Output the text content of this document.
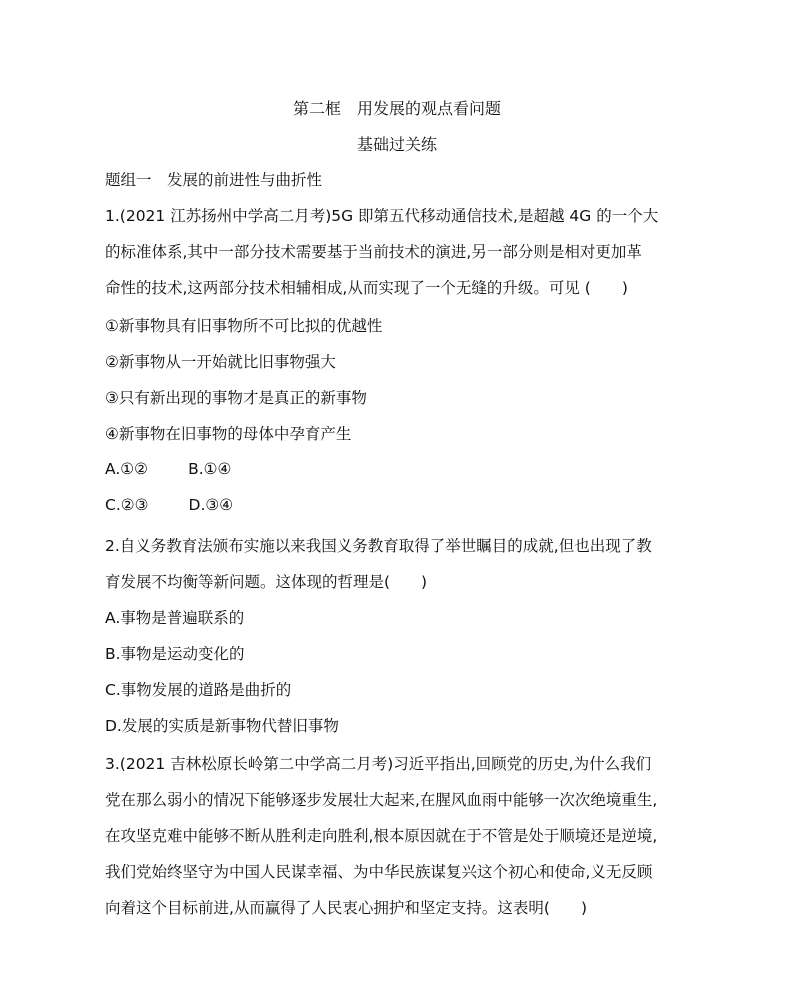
第二框　用发展的观点看问题
基础过关练
题组一　发展的前进性与曲折性
1.(2021 江苏扬州中学高二月考)5G 即第五代移动通信技术,是超越 4G 的一个大
的标准体系,其中一部分技术需要基于当前技术的演进,另一部分则是相对更加革
命性的技术,这两部分技术相辅相成,从而实现了一个无缝的升级。可见 (　　)
①新事物具有旧事物所不可比拟的优越性
②新事物从一开始就比旧事物强大
③只有新出现的事物才是真正的新事物
④新事物在旧事物的母体中孕育产生
A.①②	B.①④
C.②③	D.③④
2.自义务教育法颁布实施以来我国义务教育取得了举世瞩目的成就,但也出现了教
育发展不均衡等新问题。这体现的哲理是(　　)
A.事物是普遍联系的
B.事物是运动变化的
C.事物发展的道路是曲折的
D.发展的实质是新事物代替旧事物
3.(2021 吉林松原长岭第二中学高二月考)习近平指出,回顾党的历史,为什么我们
党在那么弱小的情况下能够逐步发展壮大起来,在腥风血雨中能够一次次绝境重生,
在攻坚克难中能够不断从胜利走向胜利,根本原因就在于不管是处于顺境还是逆境,
我们党始终坚守为中国人民谋幸福、为中华民族谋复兴这个初心和使命,义无反顾
向着这个目标前进,从而赢得了人民衷心拥护和坚定支持。这表明(　　)
